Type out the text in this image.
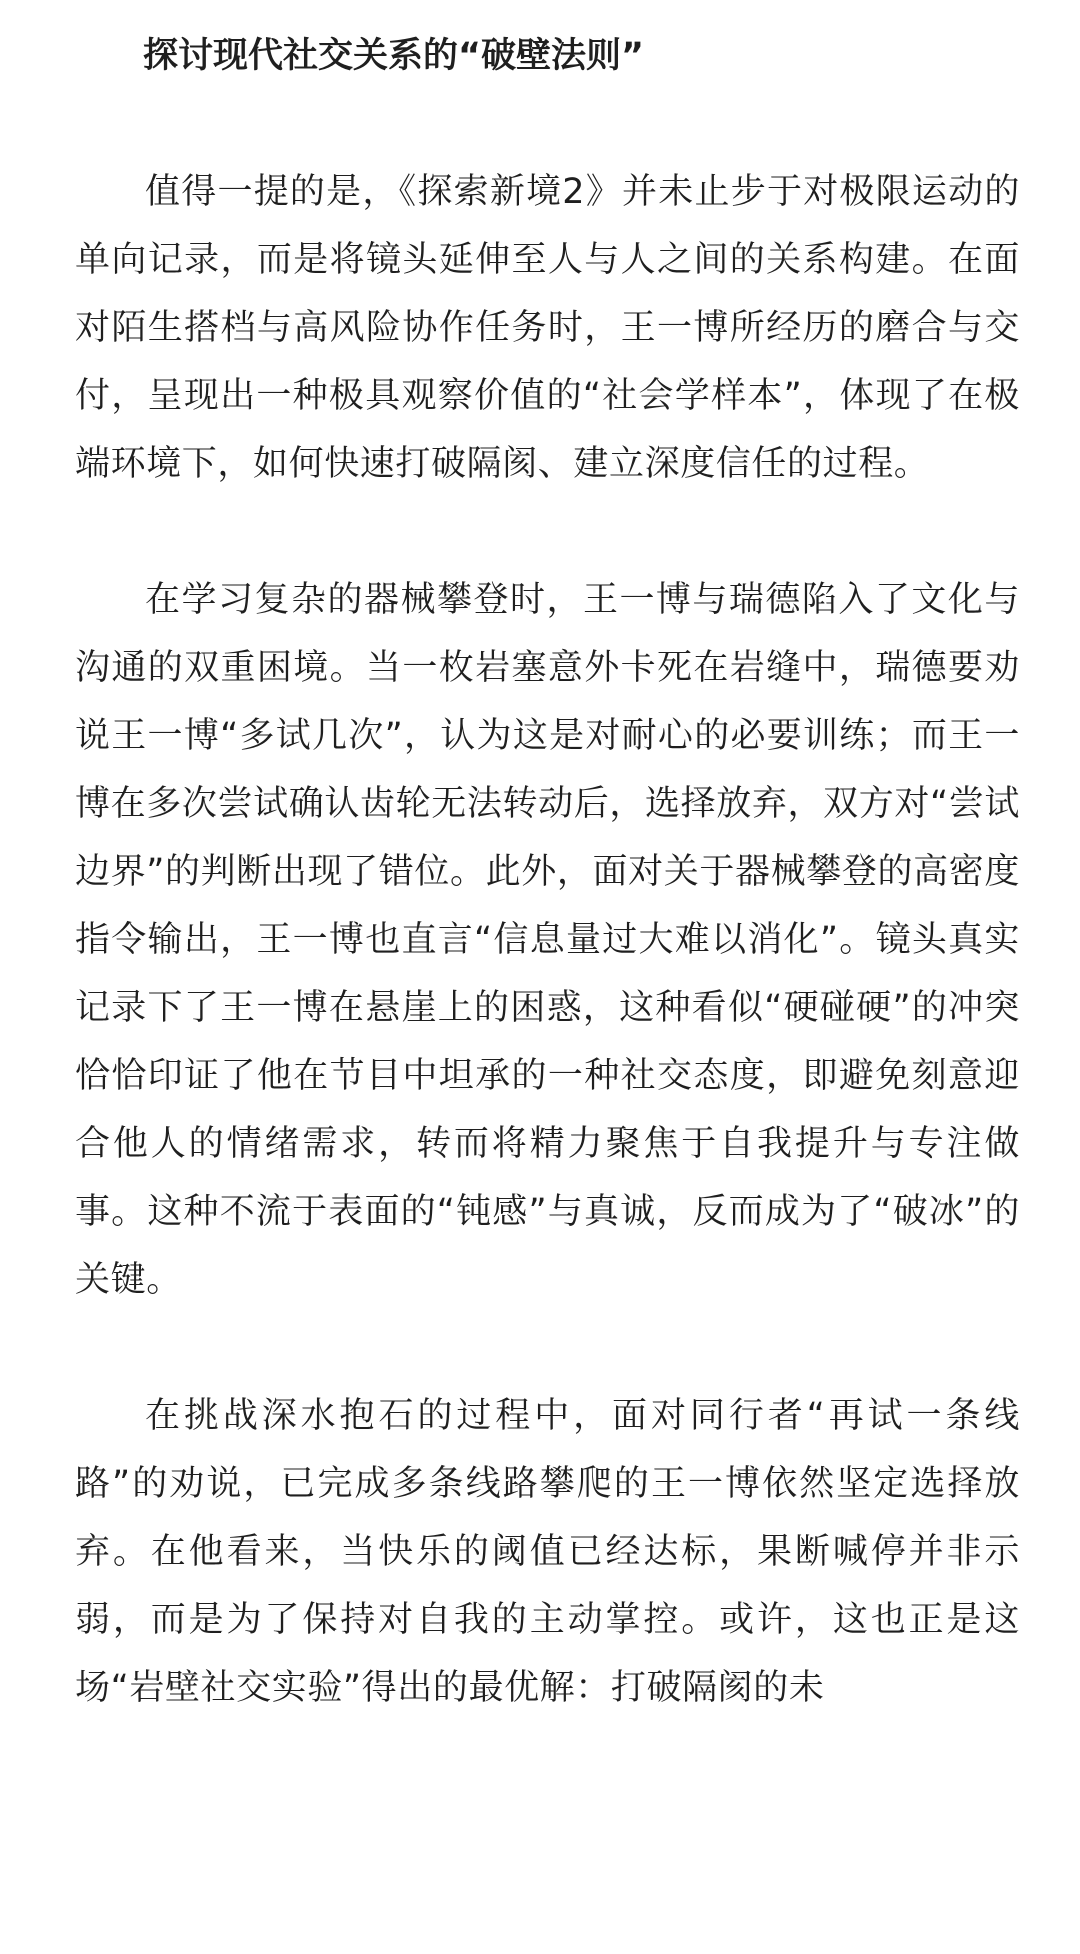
探讨现代社交关系的“破壁法则”

值得一提的是，《探索新境2》并未止步于对极限运动的单向记录，而是将镜头延伸至人与人之间的关系构建。在面对陌生搭档与高风险协作任务时，王一博所经历的磨合与交付，呈现出一种极具观察价值的“社会学样本”，体现了在极端环境下，如何快速打破隔阂、建立深度信任的过程。

在学习复杂的器械攀登时，王一博与瑞德陷入了文化与沟通的双重困境。当一枚岩塞意外卡死在岩缝中，瑞德要劝说王一博“多试几次”，认为这是对耐心的必要训练；而王一博在多次尝试确认齿轮无法转动后，选择放弃，双方对“尝试边界”的判断出现了错位。此外，面对关于器械攀登的高密度指令输出，王一博也直言“信息量过大难以消化”。镜头真实记录下了王一博在悬崖上的困惑，这种看似“硬碰硬”的冲突恰恰印证了他在节目中坦承的一种社交态度，即避免刻意迎合他人的情绪需求，转而将精力聚焦于自我提升与专注做事。这种不流于表面的“钝感”与真诚，反而成为了“破冰”的关键。

在挑战深水抱石的过程中，面对同行者“再试一条线路”的劝说，已完成多条线路攀爬的王一博依然坚定选择放弃。在他看来，当快乐的阈值已经达标，果断喊停并非示弱，而是为了保持对自我的主动掌控。或许，这也正是这场“岩壁社交实验”得出的最优解：打破隔阂的未
